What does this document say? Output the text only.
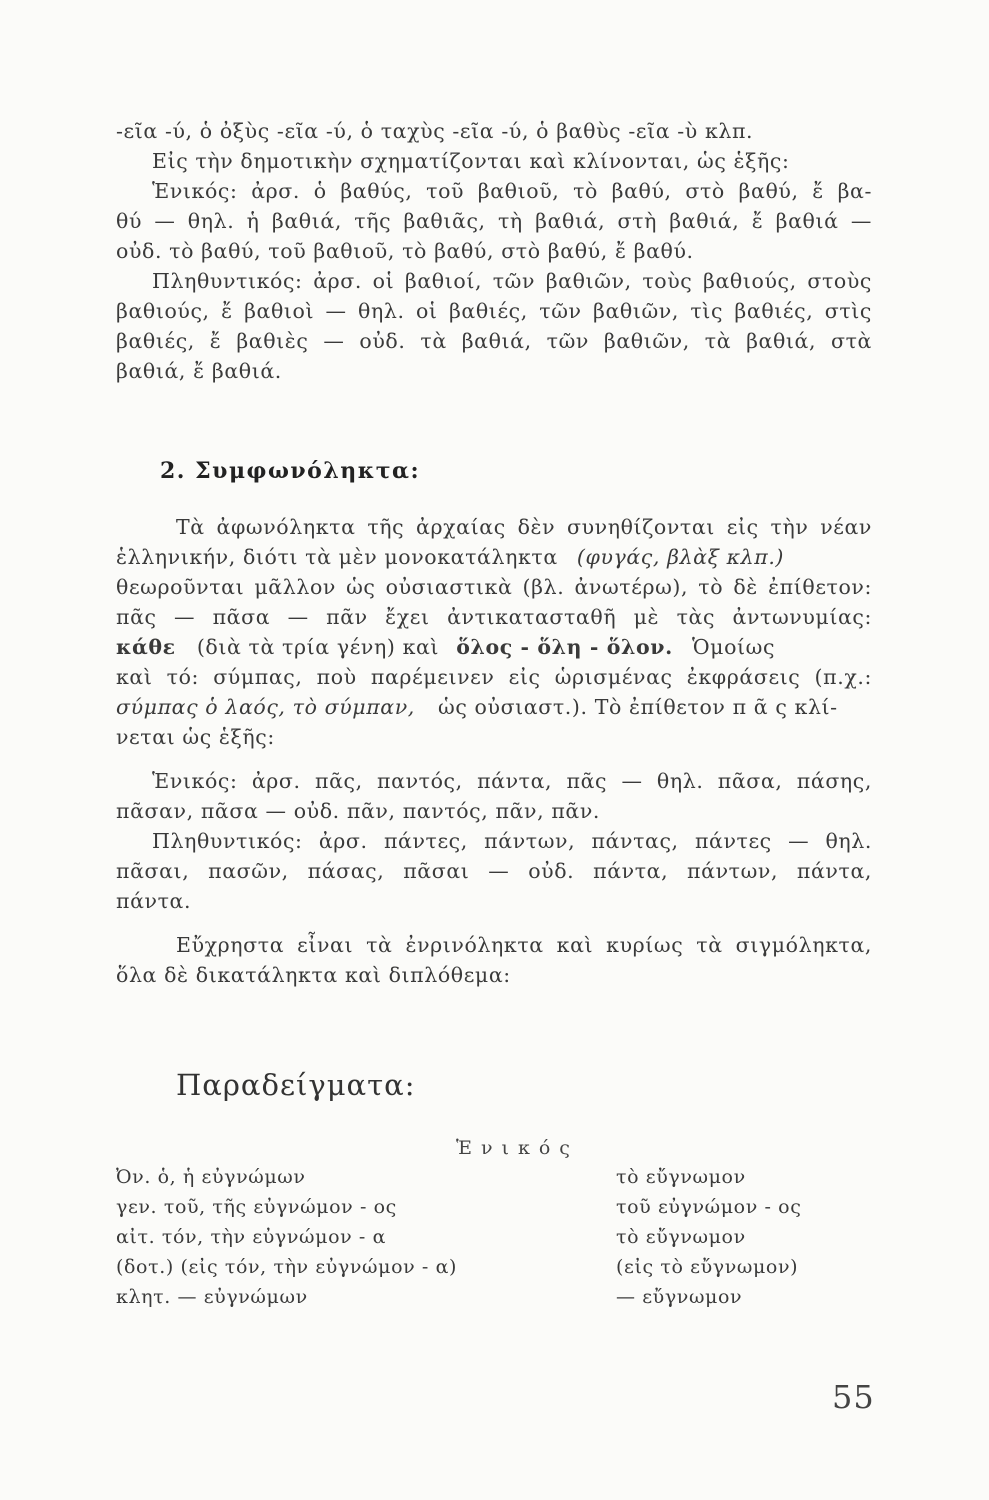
-εῖα -ύ, ὁ ὀξὺς -εῖα -ύ, ὁ ταχὺς -εῖα -ύ, ὁ βαθὺς -εῖα -ὺ κλπ.
Εἰς τὴν δημοτικὴν σχηματίζονται καὶ κλίνονται, ὡς ἑξῆς:
Ἑνικός: ἀρσ. ὁ βαθύς, τοῦ βαθιοῦ, τὸ βαθύ, στὸ βαθύ, ἔ βα-
θύ — θηλ. ἡ βαθιά, τῆς βαθιᾶς, τὴ βαθιά, στὴ βαθιά, ἔ βαθιά —
οὐδ. τὸ βαθύ, τοῦ βαθιοῦ, τὸ βαθύ, στὸ βαθύ, ἔ βαθύ.
Πληθυντικός: ἀρσ. οἱ βαθιοί, τῶν βαθιῶν, τοὺς βαθιούς, στοὺς
βαθιούς, ἔ βαθιοὶ — θηλ. οἱ βαθιές, τῶν βαθιῶν, τὶς βαθιές, στὶς
βαθιές, ἔ βαθιὲς — οὐδ. τὰ βαθιά, τῶν βαθιῶν, τὰ βαθιά, στὰ
βαθιά, ἔ βαθιά.
2. Συμφωνόληκτα:
Τὰ ἀφωνόληκτα τῆς ἀρχαίας δὲν συνηθίζονται εἰς τὴν νέαν
ἑλληνικήν, διότι τὰ μὲν μονοκατάληκτα (φυγάς, βλὰξ κλπ.)
θεωροῦνται μᾶλλον ὡς οὐσιαστικὰ (βλ. ἀνωτέρω), τὸ δὲ ἐπίθετον:
πᾶς — πᾶσα — πᾶν ἔχει ἀντικατασταθῆ μὲ τὰς ἀντωνυμίας:
κάθε (διὰ τὰ τρία γένη) καὶ ὅλος - ὅλη - ὅλον. Ὁμοίως
καὶ τό: σύμπας, ποὺ παρέμεινεν εἰς ὡρισμένας ἐκφράσεις (π.χ.:
σύμπας ὁ λαός, τὸ σύμπαν, ὡς οὐσιαστ.). Τὸ ἐπίθετον π ᾶ ς κλί-
νεται ὡς ἑξῆς:
Ἑνικός: ἀρσ. πᾶς, παντός, πάντα, πᾶς — θηλ. πᾶσα, πάσης,
πᾶσαν, πᾶσα — οὐδ. πᾶν, παντός, πᾶν, πᾶν.
Πληθυντικός: ἀρσ. πάντες, πάντων, πάντας, πάντες — θηλ.
πᾶσαι, πασῶν, πάσας, πᾶσαι — οὐδ. πάντα, πάντων, πάντα,
πάντα.
Εὔχρηστα εἶναι τὰ ἐνρινόληκτα καὶ κυρίως τὰ σιγμόληκτα,
ὅλα δὲ δικατάληκτα καὶ διπλόθεμα:
Παραδείγματα:
Ἑνικός
Ὀν. ὁ, ἡ εὐγνώμων
γεν. τοῦ, τῆς εὐγνώμον - ος
αἰτ. τόν, τὴν εὐγνώμον - α
(δοτ.) (εἰς τόν, τὴν εὐγνώμον - α)
κλητ. — εὐγνώμων
τὸ εὔγνωμον
τοῦ εὐγνώμον - ος
τὸ εὔγνωμον
(εἰς τὸ εὔγνωμον)
— εὔγνωμον
55
